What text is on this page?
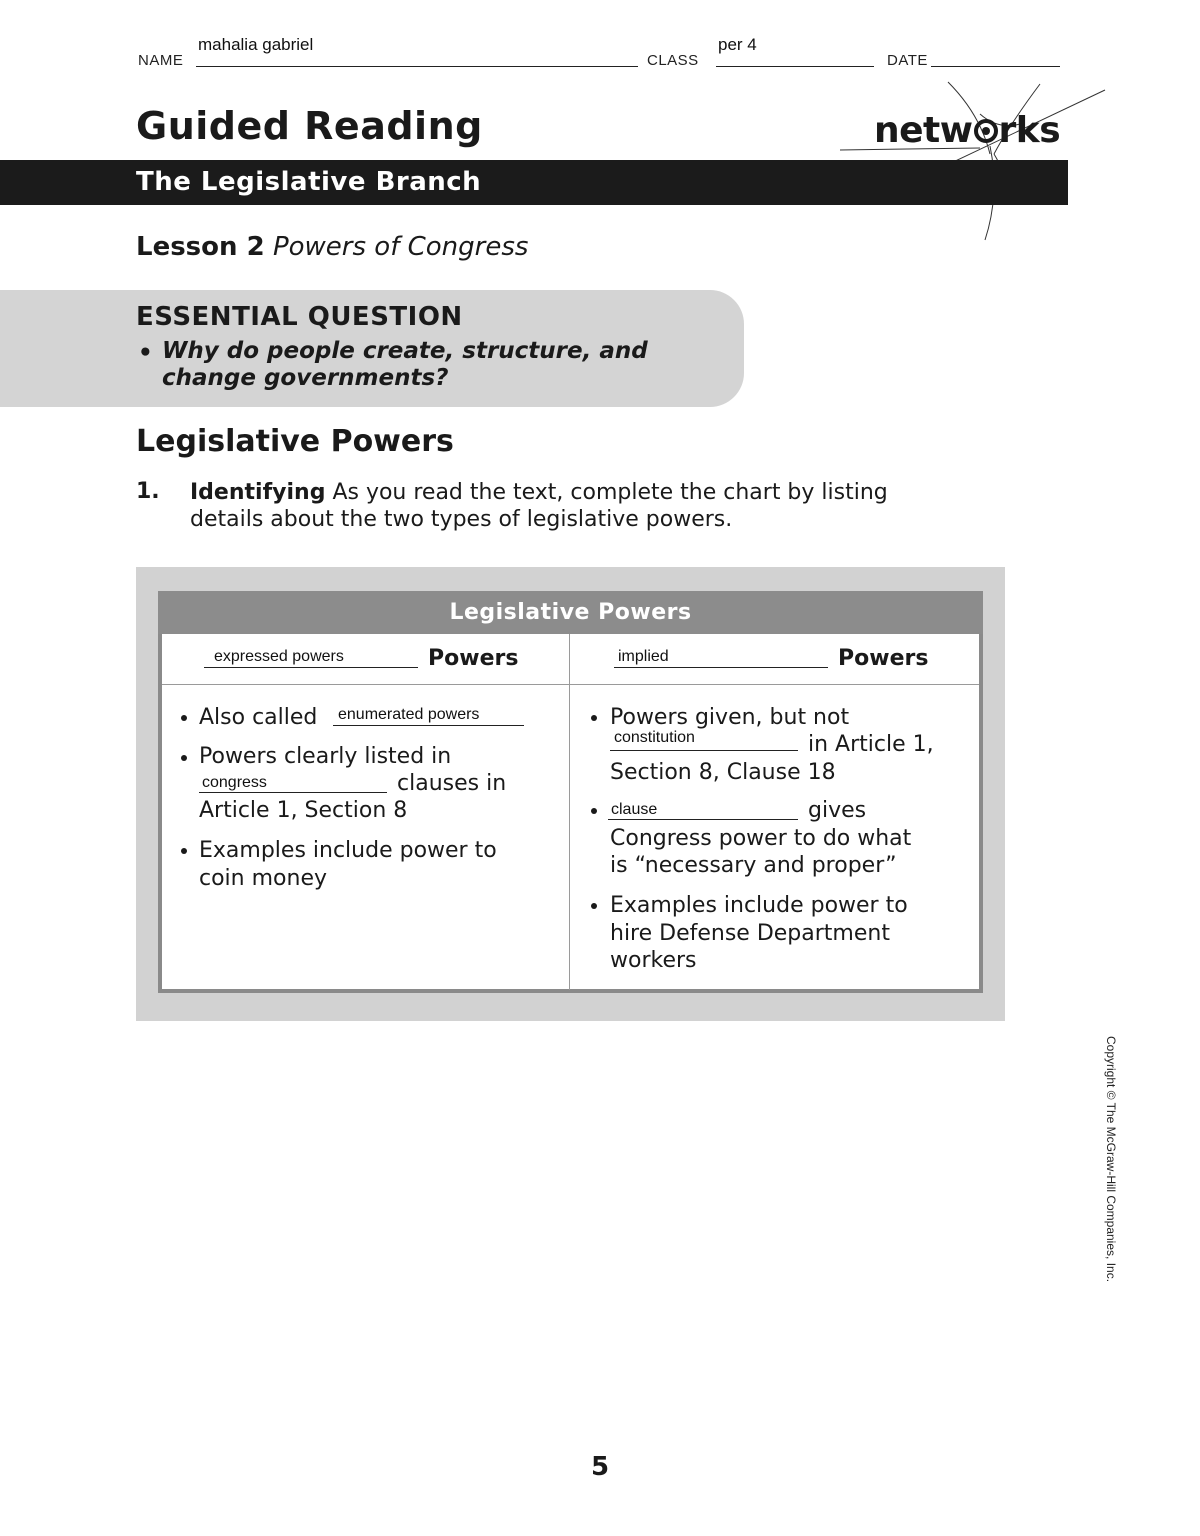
NAME
mahalia gabriel
CLASS
per 4
DATE
Guided Reading	netw rks
The Legislative Branch
Lesson 2 Powers of Congress
ESSENTIAL QUESTION
• Why do people create, structure, and change governments?
Legislative Powers
1. Identifying As you read the text, complete the chart by listing details about the two types of legislative powers.
Legislative Powers
expressed powers	Powers	implied	Powers
Also called enumerated powers
Powers clearly listed in
congress	clauses in
Article 1, Section 8
Examples include power to
coin money
Powers given, but not
constitution	in Article 1,
Section 8, Clause 18
clause	gives
Congress power to do what
is “necessary and proper”
Examples include power to
hire Defense Department
workers
Copyright © The McGraw-Hill Companies, Inc.
5
